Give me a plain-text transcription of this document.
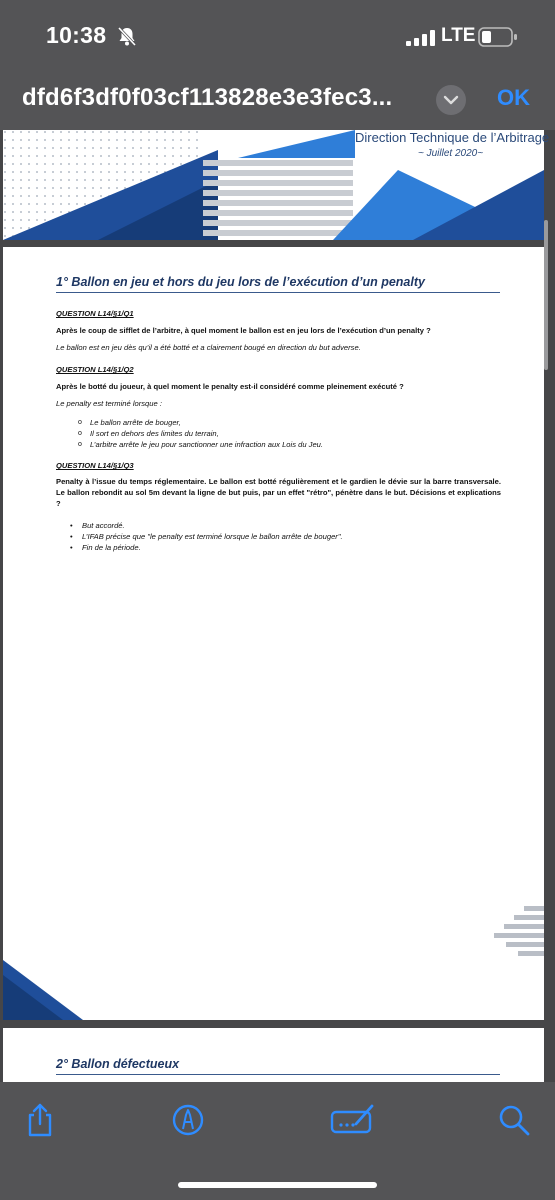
10:38	LTE
dfd6f3df0f03cf113828e3e3fec3...	OK
Direction Technique de l’Arbitrage
~ Juillet 2020~
1° Ballon en jeu et hors du jeu lors de l’exécution d’un penalty
QUESTION L14/§1/Q1
Après le coup de sifflet de l’arbitre, à quel moment le ballon est en jeu lors de l’exécution d’un penalty ?
Le ballon est en jeu dès qu’il a été botté et a clairement bougé en direction du but adverse.
QUESTION L14/§1/Q2
Après le botté du joueur, à quel moment le penalty est-il considéré comme pleinement exécuté ?
Le penalty est terminé lorsque :
o Le ballon arrête de bouger,
o Il sort en dehors des limites du terrain,
o L’arbitre arrête le jeu pour sanctionner une infraction aux Lois du Jeu.
QUESTION L14/§1/Q3
Penalty à l’issue du temps réglementaire. Le ballon est botté régulièrement et le gardien le dévie sur la barre transversale. Le ballon rebondit au sol 5m devant la ligne de but puis, par un effet "rétro", pénètre dans le but. Décisions et explications ?
• But accordé.
• L’IFAB précise que "le penalty est terminé lorsque le ballon arrête de bouger".
• Fin de la période.
2° Ballon défectueux
